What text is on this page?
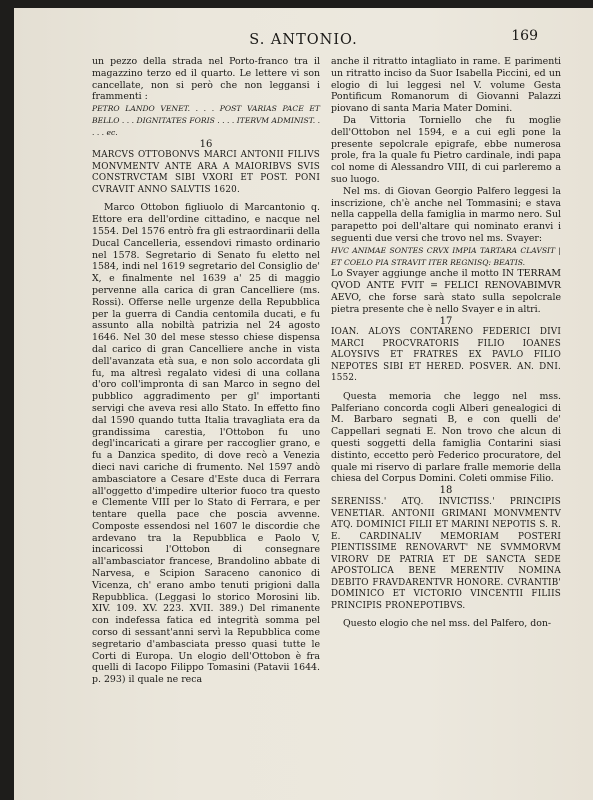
S. ANTONIO.	169

un pezzo della strada nel Porto-franco tra il magazzino terzo ed il quarto. Le lettere vi son cancellate, non si però che non leggansi i frammenti :

PETRO LANDO VENET. . . . POST VARIAS PACE ET BELLO . . . DIGNITATES FORIS . . . . ITERVM ADMINIST. . . . . ec.

16

MARCVS OTTOBONVS MARCI ANTONII FILIVS MONVMENTV ANTE ARA A MAIORIBVS SVIS CONSTRVCTAM SIBI VXORI ET POST. PONI CVRAVIT ANNO SALVTIS 1620.

Marco Ottobon figliuolo di Marcantonio q. Ettore era dell'ordine cittadino, e nacque nel 1554. Del 1576 entrò fra gli estraordinarii della Ducal Cancelleria, essendovi rimasto ordinario nel 1578. Segretario di Senato fu eletto nel 1584, indi nel 1619 segretario del Consiglio de' X, e finalmente nel 1639 a' 25 di maggio pervenne alla carica di gran Cancelliere (ms. Rossi). Offerse nelle urgenze della Repubblica per la guerra di Candia centomila ducati, e fu assunto alla nobiltà patrizia nel 24 agosto 1646. Nel 30 del mese stesso chiese dispensa dal carico di gran Cancelliere anche in vista dell'avanzata età sua, e non solo accordata gli fu, ma altresì regalato videsi di una collana d'oro coll'impronta di san Marco in segno del pubblico aggradimento per gl' importanti servigi che aveva resi allo Stato. In effetto fino dal 1590 quando tutta Italia travagliata era da grandissima carestia, l'Ottobon fu uno degl'incaricati a girare per raccoglier grano, e fu a Danzica spedito, di dove recò a Venezia dieci navi cariche di frumento. Nel 1597 andò ambasciatore a Cesare d'Este duca di Ferrara all'oggetto d'impedire ulterior fuoco tra questo e Clemente VIII per lo Stato di Ferrara, e per tentare quella pace che poscia avvenne. Composte essendosi nel 1607 le discordie che ardevano tra la Repubblica e Paolo V, incaricossi l'Ottobon di consegnare all'ambasciator francese, Brandolino abbate di Narvesa, e Scipion Saraceno canonico di Vicenza, ch' erano ambo tenuti prigioni dalla Repubblica. (Leggasi lo storico Morosini lib. XIV. 109. XV. 223. XVII. 389.) Del rimanente con indefessa fatica ed integrità somma pel corso di sessant'anni servì la Repubblica come segretario d'ambasciata presso quasi tutte le Corti di Europa. Un elogio dell'Ottobon è fra quelli di Iacopo Filippo Tomasini (Patavii 1644. p. 293) il quale ne reca

anche il ritratto intagliato in rame. E parimenti un ritratto inciso da Suor Isabella Piccini, ed un elogio di lui leggesi nel V. volume Gesta Pontificum Romanorum di Giovanni Palazzi piovano di santa Maria Mater Domini.

Da Vittoria Torniello che fu moglie dell'Ottobon nel 1594, e a cui egli pone la presente sepolcrale epigrafe, ebbe numerosa prole, fra la quale fu Pietro cardinale, indi papa col nome di Alessandro VIII, di cui parleremo a suo luogo.

Nel ms. di Giovan Georgio Palfero leggesi la inscrizione, ch'è anche nel Tommasini; e stava nella cappella della famiglia in marmo nero. Sul parapetto poi dell'altare qui nominato eranvi i seguenti due versi che trovo nel ms. Svayer:

HVC ANIMAE SONTES CRVX IMPIA TARTARA CLAVSIT | ET COELO PIA STRAVIT ITER REGNISQ: BEATIS.

Lo Svayer aggiunge anche il motto IN TERRAM QVOD ANTE FVIT = FELICI RENOVABIMVR AEVO, che forse sarà stato sulla sepolcrale pietra presente che è nello Svayer e in altri.

17

IOAN. ALOYS CONTARENO FEDERICI DIVI MARCI PROCVRATORIS FILIO IOANES ALOYSIVS ET FRATRES EX PAVLO FILIO NEPOTES SIBI ET HERED. POSVER. AN. DNI. 1552.

Questa memoria che leggo nel mss. Palferiano concorda cogli Alberi genealogici di M. Barbaro segnati B, e con quelli de' Cappellari segnati E. Non trovo che alcun di questi soggetti della famiglia Contarini siasi distinto, eccetto però Federico procuratore, del quale mi riservo di parlare fralle memorie della chiesa del Corpus Domini. Coleti ommise Filio.

18

SERENISS.' ATQ. INVICTISS.' PRINCIPIS VENETIAR. ANTONII GRIMANI MONVMENTV ATQ. DOMINICI FILII ET MARINI NEPOTIS S. R. E. CARDINALIV MEMORIAM POSTERI PIENTISSIME RENOVARVT' NE SVMMORVM VIRORV DE PATRIA ET DE SANCTA SEDE APOSTOLICA BENE MERENTIV NOMINA DEBITO FRAVDARENTVR HONORE. CVRANTIB' DOMINICO ET VICTORIO VINCENTII FILIIS PRINCIPIS PRONEPOTIBVS.

Questo elogio che nel mss. del Palfero, don-
